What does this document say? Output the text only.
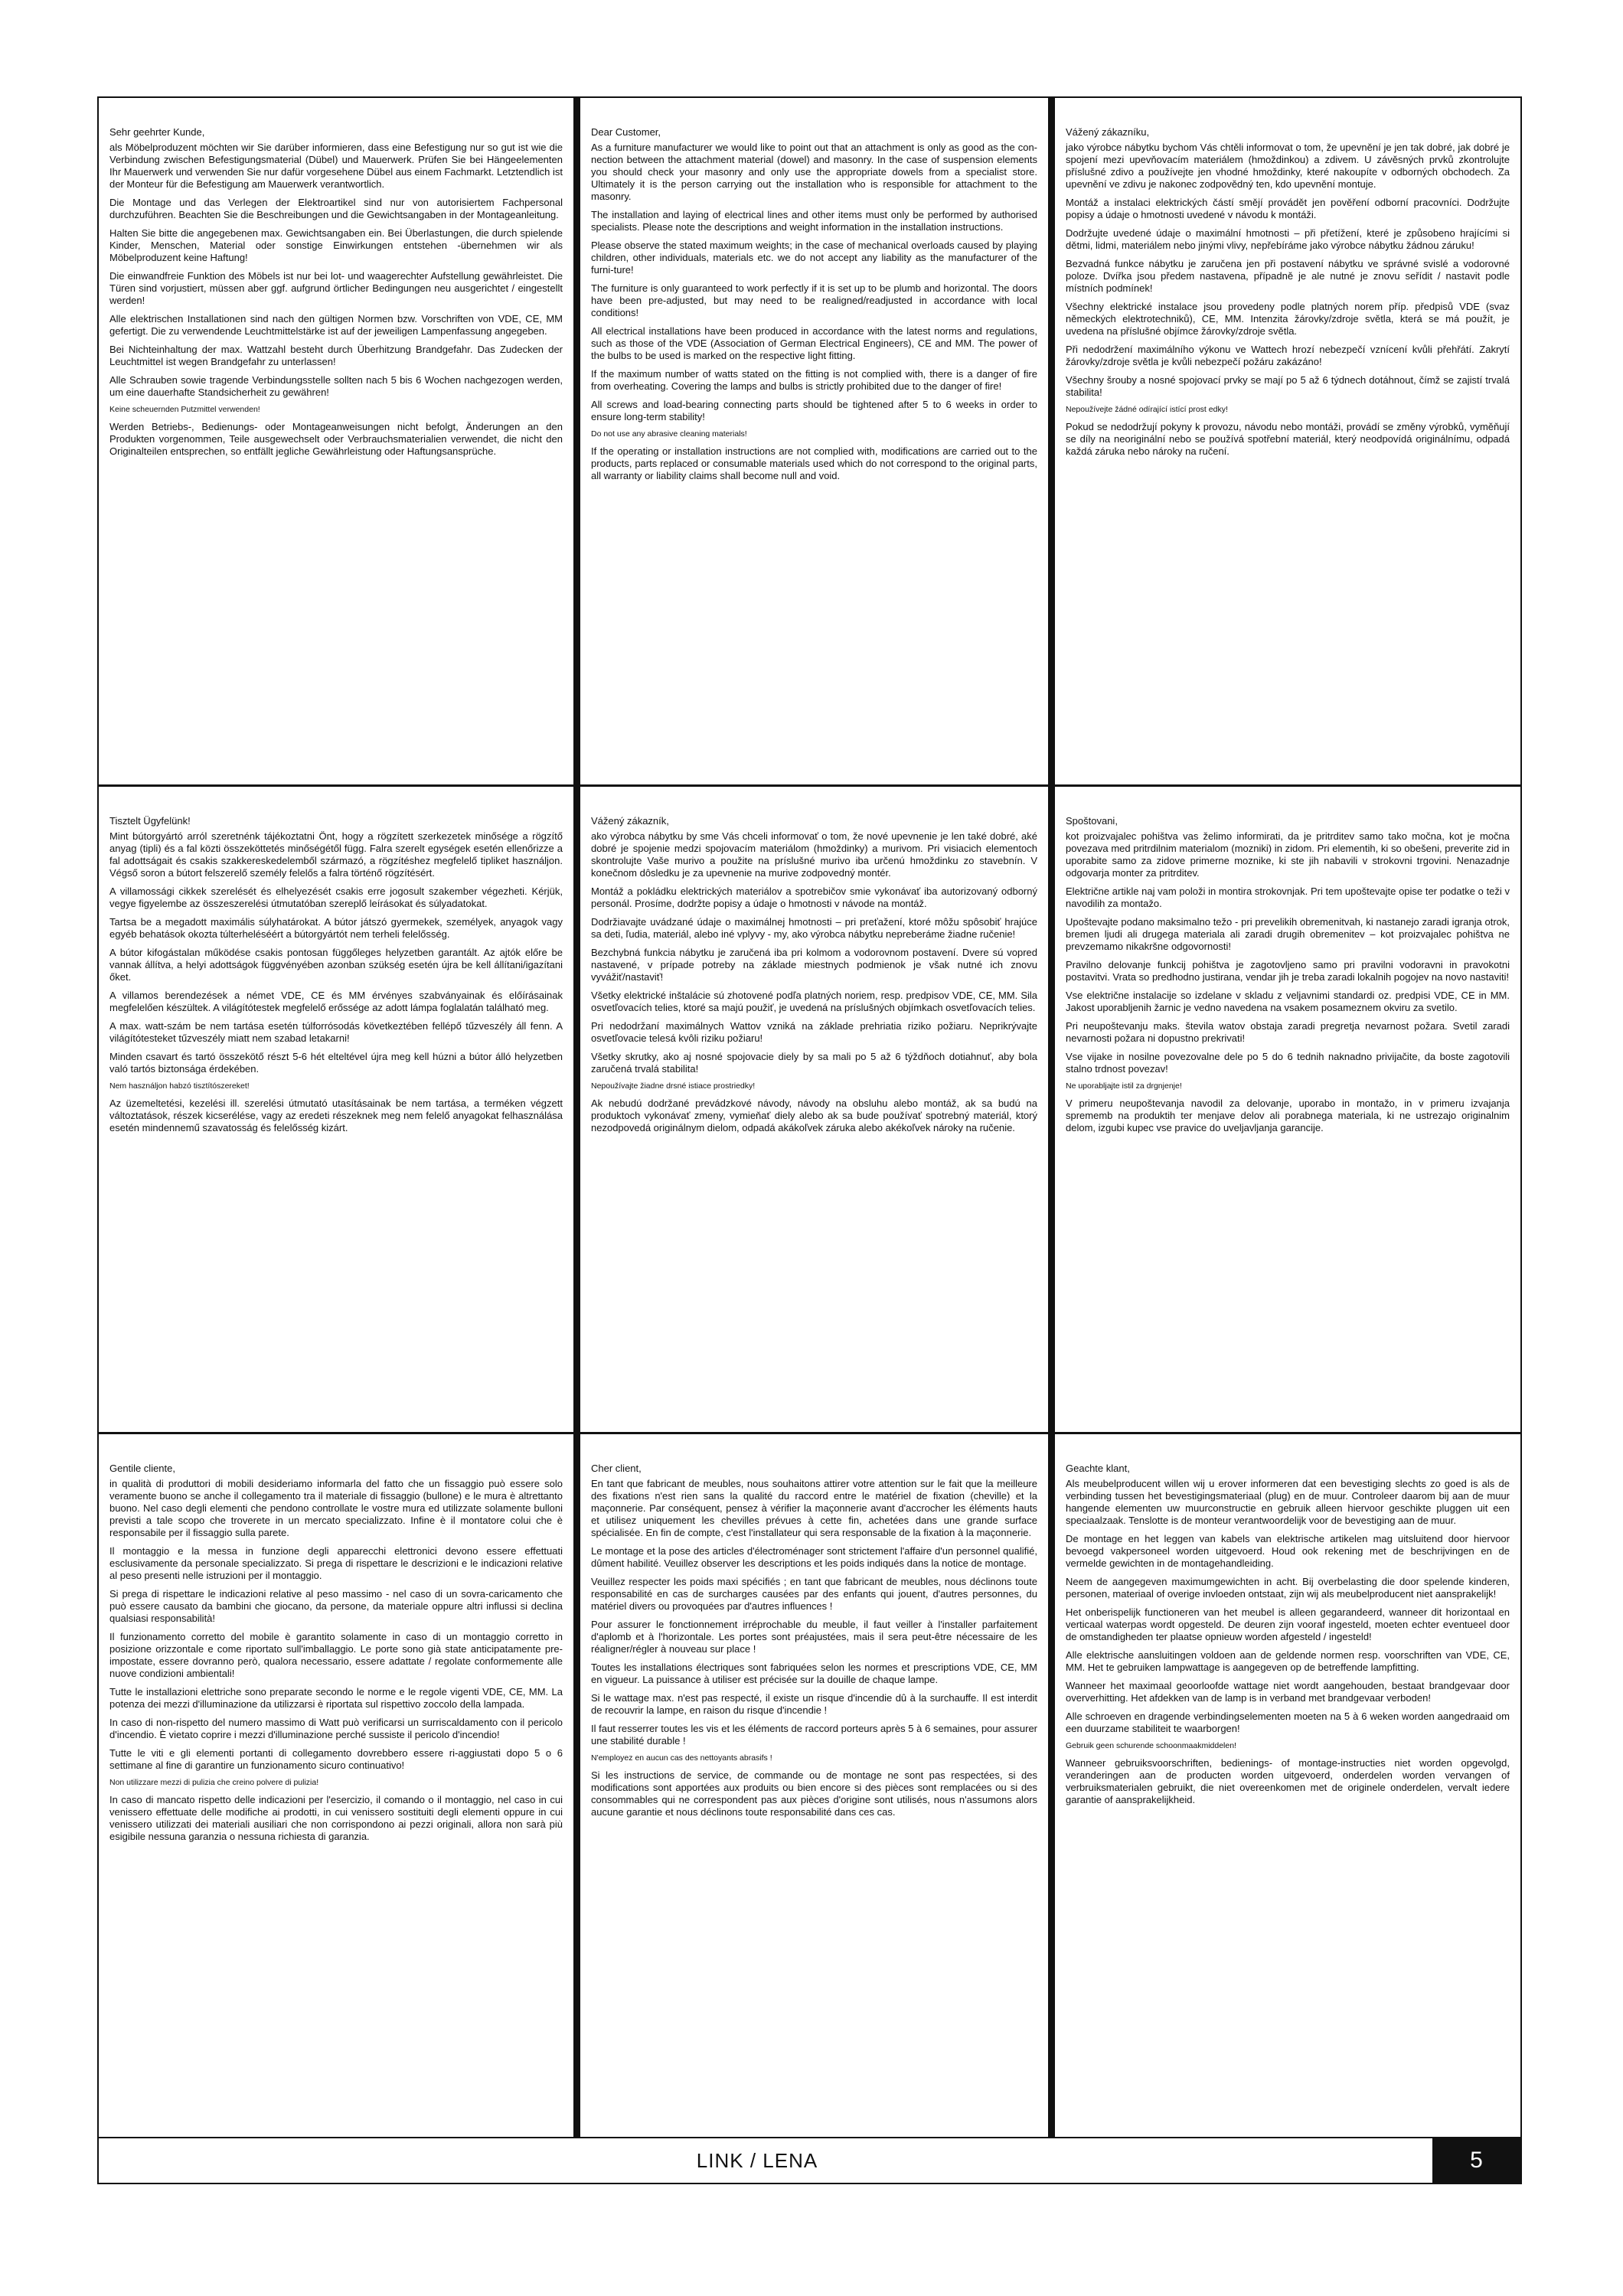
Sehr geehrter Kunde,

als Möbelproduzent möchten wir Sie darüber informieren, dass eine Befestigung nur so gut ist wie die Verbindung zwischen Befestigungsmaterial (Dübel) und Mauerwerk. Prüfen Sie bei Hängeelementen Ihr Mauerwerk und verwenden Sie nur dafür vorgesehene Dübel aus einem Fachmarkt. Letztendlich ist der Monteur für die Befestigung am Mauerwerk verantwortlich.

Die Montage und das Verlegen der Elektroartikel sind nur von autorisiertem Fachpersonal durchzuführen. Beachten Sie die Beschreibungen und die Gewichtsangaben in der Montageanleitung.

Halten Sie bitte die angegebenen max. Gewichtsangaben ein. Bei Überlastungen, die durch spielende Kinder, Menschen, Material oder sonstige Einwirkungen entstehen -übernehmen wir als Möbelproduzent keine Haftung!

Die einwandfreie Funktion des Möbels ist nur bei lot- und waagerechter Aufstellung gewährleistet. Die Türen sind vorjustiert, müssen aber ggf. aufgrund örtlicher Bedingungen neu ausgerichtet / eingestellt werden!

Alle elektrischen Installationen sind nach den gültigen Normen bzw. Vorschriften von VDE, CE, MM gefertigt. Die zu verwendende Leuchtmittelstärke ist auf der jeweiligen Lampenfassung angegeben.

Bei Nichteinhaltung der max. Wattzahl besteht durch Überhitzung Brandgefahr. Das Zudecken der Leuchtmittel ist wegen Brandgefahr zu unterlassen!

Alle Schrauben sowie tragende Verbindungsstelle sollten nach 5 bis 6 Wochen nachgezogen werden, um eine dauerhafte Standsicherheit zu gewähren!

Keine scheuernden Putzmittel verwenden!

Werden Betriebs-, Bedienungs- oder Montageanweisungen nicht befolgt, Änderungen an den Produkten vorgenommen, Teile ausgewechselt oder Verbrauchsmaterialien verwendet, die nicht den Originalteilen entsprechen, so entfällt jegliche Gewährleistung oder Haftungsansprüche.

Dear Customer,

As a furniture manufacturer we would like to point out that an attachment is only as good as the con-nection between the attachment material (dowel) and masonry. In the case of suspension elements you should check your masonry and only use the appropriate dowels from a specialist store. Ultimately it is the person carrying out the installation who is responsible for attachment to the masonry.

The installation and laying of electrical lines and other items must only be performed by authorised specialists. Please note the descriptions and weight information in the installation instructions.

Please observe the stated maximum weights; in the case of mechanical overloads caused by playing children, other individuals, materials etc. we do not accept any liability as the manufacturer of the furni-ture!

The furniture is only guaranteed to work perfectly if it is set up to be plumb and horizontal. The doors have been pre-adjusted, but may need to be realigned/readjusted in accordance with local conditions!

All electrical installations have been produced in accordance with the latest norms and regulations, such as those of the VDE (Association of German Electrical Engineers), CE and MM. The power of the bulbs to be used is marked on the respective light fitting.

If the maximum number of watts stated on the fitting is not complied with, there is a danger of fire from overheating. Covering the lamps and bulbs is strictly prohibited due to the danger of fire!

All screws and load-bearing connecting parts should be tightened after 5 to 6 weeks in order to ensure long-term stability!

Do not use any abrasive cleaning materials!

If the operating or installation instructions are not complied with, modifications are carried out to the products, parts replaced or consumable materials used which do not correspond to the original parts, all warranty or liability claims shall become null and void.

Vážený zákazníku,

jako výrobce nábytku bychom Vás chtěli informovat o tom, že upevnění je jen tak dobré, jak dobré je spojení mezi upevňovacím materiálem (hmoždinkou) a zdivem. U závěsných prvků zkontrolujte příslušné zdivo a používejte jen vhodné hmoždinky, které nakoupíte v odborných obchodech. Za upevnění ve zdivu je nakonec zodpovědný ten, kdo upevnění montuje.

Montáž a instalaci elektrických částí smějí provádět jen pověření odborní pracovníci. Dodržujte popisy a údaje o hmotnosti uvedené v návodu k montáži.

Dodržujte uvedené údaje o maximální hmotnosti – při přetížení, které je způsobeno hrajícími si dětmi, lidmi, materiálem nebo jinými vlivy, nepřebíráme jako výrobce nábytku žádnou záruku!

Bezvadná funkce nábytku je zaručena jen při postavení nábytku ve správné svislé a vodorovné poloze. Dvířka jsou předem nastavena, případně je ale nutné je znovu seřídit / nastavit podle místních podmínek!

Všechny elektrické instalace jsou provedeny podle platných norem příp. předpisů VDE (svaz německých elektrotechniků), CE, MM. Intenzita žárovky/zdroje světla, která se má použít, je uvedena na příslušné objímce žárovky/zdroje světla.

Při nedodržení maximálního výkonu ve Wattech hrozí nebezpečí vznícení kvůli přehřátí. Zakrytí žárovky/zdroje světla je kvůli nebezpečí požáru zakázáno!

Všechny šrouby a nosné spojovací prvky se mají po 5 až 6 týdnech dotáhnout, čímž se zajistí trvalá stabilita!

Nepoužívejte žádné odírající istící prost edky!

Pokud se nedodržují pokyny k provozu, návodu nebo montáži, provádí se změny výrobků, vyměňují se díly na neoriginální nebo se používá spotřební materiál, který neodpovídá originálnímu, odpadá každá záruka nebo nároky na ručení.

Tisztelt Ügyfelünk!

Mint bútorgyártó arról szeretnénk tájékoztatni Önt, hogy a rögzített szerkezetek minősége a rögzítő anyag (tipli) és a fal közti összeköttetés minőségétől függ. Falra szerelt egységek esetén ellenőrizze a fal adottságait és csakis szakkereskedelemből származó, a rögzítéshez megfelelő tipliket használjon. Végső soron a bútort felszerelő személy felelős a falra történő rögzítésért.

A villamossági cikkek szerelését és elhelyezését csakis erre jogosult szakember végezheti. Kérjük, vegye figyelembe az összeszerelési útmutatóban szereplő leírásokat és súlyadatokat.

Tartsa be a megadott maximális súlyhatárokat. A bútor játszó gyermekek, személyek, anyagok vagy egyéb behatások okozta túlterheléséért a bútorgyártót nem terheli felelősség.

A bútor kifogástalan működése csakis pontosan függőleges helyzetben garantált. Az ajtók előre be vannak állítva, a helyi adottságok függvényében azonban szükség esetén újra be kell állítani/igazítani őket.

A villamos berendezések a német VDE, CE és MM érvényes szabványainak és előírásainak megfelelően készültek. A világítótestek megfelelő erőssége az adott lámpa foglalatán található meg.

A max. watt-szám be nem tartása esetén túlforrósodás következtében fellépő tűzveszély áll fenn. A világítótesteket tűzveszély miatt nem szabad letakarni!

Minden csavart és tartó összekötő részt 5-6 hét elteltével újra meg kell húzni a bútor álló helyzetben való tartós biztonsága érdekében.

Nem használjon habzó tisztítószereket!

Az üzemeltetési, kezelési ill. szerelési útmutató utasításainak be nem tartása, a terméken végzett változtatások, részek kicserélése, vagy az eredeti részeknek meg nem felelő anyagokat felhasználása esetén mindennemű szavatosság és felelősség kizárt.

Vážený zákazník,

ako výrobca nábytku by sme Vás chceli informovať o tom, že nové upevnenie je len také dobré, aké dobré je spojenie medzi spojovacím materiálom (hmoždinky) a murivom. Pri visiacich elementoch skontrolujte Vaše murivo a použite na príslušné murivo iba určenú hmoždinku zo stavebnín. V konečnom dôsledku je za upevnenie na murive zodpovedný montér.

Montáž a pokládku elektrických materiálov a spotrebičov smie vykonávať iba autorizovaný odborný personál. Prosíme, dodržte popisy a údaje o hmotnosti v návode na montáž.

Dodržiavajte uvádzané údaje o maximálnej hmotnosti – pri preťažení, ktoré môžu spôsobiť hrajúce sa deti, ľudia, materiál, alebo iné vplyvy - my, ako výrobca nábytku nepreberáme žiadne ručenie!

Bezchybná funkcia nábytku je zaručená iba pri kolmom a vodorovnom postavení. Dvere sú vopred nastavené, v prípade potreby na základe miestnych podmienok je však nutné ich znovu vyvážiť/nastaviť!

Všetky elektrické inštalácie sú zhotovené podľa platných noriem, resp. predpisov VDE, CE, MM. Sila osvetľovacích telies, ktoré sa majú použiť, je uvedená na príslušných objímkach osvetľovacích telies.

Pri nedodržaní maximálnych Wattov vzniká na základe prehriatia riziko požiaru. Neprikrývajte osvetľovacie telesá kvôli riziku požiaru!

Všetky skrutky, ako aj nosné spojovacie diely by sa mali po 5 až 6 týždňoch dotiahnuť, aby bola zaručená trvalá stabilita!

Nepoužívajte žiadne drsné istiace prostriedky!

Ak nebudú dodržané prevádzkové návody, návody na obsluhu alebo montáž, ak sa budú na produktoch vykonávať zmeny, vymieňať diely alebo ak sa bude používať spotrebný materiál, ktorý nezodpovedá originálnym dielom, odpadá akákoľvek záruka alebo akékoľvek nároky na ručenie.

Spoštovani,

kot proizvajalec pohištva vas želimo informirati, da je pritrditev samo tako močna, kot je močna povezava med pritrdilnim materialom (mozniki) in zidom. Pri elementih, ki so obešeni, preverite zid in uporabite samo za zidove primerne moznike, ki ste jih nabavili v strokovni trgovini. Nenazadnje odgovarja monter za pritrditev.

Električne artikle naj vam položi in montira strokovnjak. Pri tem upoštevajte opise ter podatke o teži v navodilih za montažo.

Upoštevajte podano maksimalno težo - pri prevelikih obremenitvah, ki nastanejo zaradi igranja otrok, bremen ljudi ali drugega materiala ali zaradi drugih obremenitev – kot proizvajalec pohištva ne prevzemamo nikakršne odgovornosti!

Pravilno delovanje funkcij pohištva je zagotovljeno samo pri pravilni vodoravni in pravokotni postavitvi. Vrata so predhodno justirana, vendar jih je treba zaradi lokalnih pogojev na novo nastaviti!

Vse električne instalacije so izdelane v skladu z veljavnimi standardi oz. predpisi VDE, CE in MM. Jakost uporabljenih žarnic je vedno navedena na vsakem posameznem okviru za svetilo.

Pri neupoštevanju maks. števila watov obstaja zaradi pregretja nevarnost požara. Svetil zaradi nevarnosti požara ni dopustno prekrivati!

Vse vijake in nosilne povezovalne dele po 5 do 6 tednih naknadno privijačite, da boste zagotovili stalno trdnost povezav!

Ne uporabljajte istil za drgnjenje!

V primeru neupoštevanja navodil za delovanje, uporabo in montažo, in v primeru izvajanja sprememb na produktih ter menjave delov ali porabnega materiala, ki ne ustrezajo originalnim delom, izgubi kupec vse pravice do uveljavljanja garancije.

Gentile cliente,

in qualità di produttori di mobili desideriamo informarla del fatto che un fissaggio può essere solo veramente buono se anche il collegamento tra il materiale di fissaggio (bullone) e le mura è altrettanto buono. Nel caso degli elementi che pendono controllate le vostre mura ed utilizzate solamente bulloni previsti a tale scopo che troverete in un mercato specializzato. Infine è il montatore colui che è responsabile per il fissaggio sulla parete.

Il montaggio e la messa in funzione degli apparecchi elettronici devono essere effettuati esclusivamente da personale specializzato. Si prega di rispettare le descrizioni e le indicazioni relative al peso presenti nelle istruzioni per il montaggio.

Si prega di rispettare le indicazioni relative al peso massimo - nel caso di un sovra-caricamento che può essere causato da bambini che giocano, da persone, da materiale oppure altri influssi si declina qualsiasi responsabilità!

Il funzionamento corretto del mobile è garantito solamente in caso di un montaggio corretto in posizione orizzontale e come riportato sull'imballaggio. Le porte sono già state anticipatamente pre-impostate, essere dovranno però, qualora necessario, essere adattate / regolate conformemente alle nuove condizioni ambientali!

Tutte le installazioni elettriche sono preparate secondo le norme e le regole vigenti VDE, CE, MM. La potenza dei mezzi d'illuminazione da utilizzarsi è riportata sul rispettivo zoccolo della lampada.

In caso di non-rispetto del numero massimo di Watt può verificarsi un surriscaldamento con il pericolo d'incendio. È vietato coprire i mezzi d'illuminazione perché sussiste il pericolo d'incendio!

Tutte le viti e gli elementi portanti di collegamento dovrebbero essere ri-aggiustati dopo 5 o 6 settimane al fine di garantire un funzionamento sicuro continuativo!

Non utilizzare mezzi di pulizia che creino polvere di pulizia!

In caso di mancato rispetto delle indicazioni per l'esercizio, il comando o il montaggio, nel caso in cui venissero effettuate delle modifiche ai prodotti, in cui venissero sostituiti degli elementi oppure in cui venissero utilizzati dei materiali ausiliari che non corrispondono ai pezzi originali, allora non sarà più esigibile nessuna garanzia o nessuna richiesta di garanzia.

Cher client,

En tant que fabricant de meubles, nous souhaitons attirer votre attention sur le fait que la meilleure des fixations n'est rien sans la qualité du raccord entre le matériel de fixation (cheville) et la maçonnerie. Par conséquent, pensez à vérifier la maçonnerie avant d'accrocher les éléments hauts et utilisez uniquement les chevilles prévues à cette fin, achetées dans une grande surface spécialisée. En fin de compte, c'est l'installateur qui sera responsable de la fixation à la maçonnerie.

Le montage et la pose des articles d'électroménager sont strictement l'affaire d'un personnel qualifié, dûment habilité. Veuillez observer les descriptions et les poids indiqués dans la notice de montage.

Veuillez respecter les poids maxi spécifiés ; en tant que fabricant de meubles, nous déclinons toute responsabilité en cas de surcharges causées par des enfants qui jouent, d'autres personnes, du matériel divers ou provoquées par d'autres influences !

Pour assurer le fonctionnement irréprochable du meuble, il faut veiller à l'installer parfaitement d'aplomb et à l'horizontale. Les portes sont préajustées, mais il sera peut-être nécessaire de les réaligner/régler à nouveau sur place !

Toutes les installations électriques sont fabriquées selon les normes et prescriptions VDE, CE, MM en vigueur. La puissance à utiliser est précisée sur la douille de chaque lampe.

Si le wattage max. n'est pas respecté, il existe un risque d'incendie dû à la surchauffe. Il est interdit de recouvrir la lampe, en raison du risque d'incendie !

Il faut resserrer toutes les vis et les éléments de raccord porteurs après 5 à 6 semaines, pour assurer une stabilité durable !

N'employez en aucun cas des nettoyants abrasifs !

Si les instructions de service, de commande ou de montage ne sont pas respectées, si des modifications sont apportées aux produits ou bien encore si des pièces sont remplacées ou si des consommables qui ne correspondent pas aux pièces d'origine sont utilisés, nous n'assumons alors aucune garantie et nous déclinons toute responsabilité dans ces cas.

Geachte klant,

Als meubelproducent willen wij u erover informeren dat een bevestiging slechts zo goed is als de verbinding tussen het bevestigingsmateriaal (plug) en de muur. Controleer daarom bij aan de muur hangende elementen uw muurconstructie en gebruik alleen hiervoor geschikte pluggen uit een speciaalzaak. Tenslotte is de monteur verantwoordelijk voor de bevestiging aan de muur.

De montage en het leggen van kabels van elektrische artikelen mag uitsluitend door hiervoor bevoegd vakpersoneel worden uitgevoerd. Houd ook rekening met de beschrijvingen en de vermelde gewichten in de montagehandleiding.

Neem de aangegeven maximumgewichten in acht. Bij overbelasting die door spelende kinderen, personen, materiaal of overige invloeden ontstaat, zijn wij als meubelproducent niet aansprakelijk!

Het onberispelijk functioneren van het meubel is alleen gegarandeerd, wanneer dit horizontaal en verticaal waterpas wordt opgesteld. De deuren zijn vooraf ingesteld, moeten echter eventueel door de omstandigheden ter plaatse opnieuw worden afgesteld / ingesteld!

Alle elektrische aansluitingen voldoen aan de geldende normen resp. voorschriften van VDE, CE, MM. Het te gebruiken lampwattage is aangegeven op de betreffende lampfitting.

Wanneer het maximaal geoorloofde wattage niet wordt aangehouden, bestaat brandgevaar door oververhitting. Het afdekken van de lamp is in verband met brandgevaar verboden!

Alle schroeven en dragende verbindingselementen moeten na 5 à 6 weken worden aangedraaid om een duurzame stabiliteit te waarborgen!

Gebruik geen schurende schoonmaakmiddelen!

Wanneer gebruiksvoorschriften, bedienings- of montage-instructies niet worden opgevolgd, veranderingen aan de producten worden uitgevoerd, onderdelen worden vervangen of verbruiksmaterialen gebruikt, die niet overeenkomen met de originele onderdelen, vervalt iedere garantie of aansprakelijkheid.

LINK / LENA	5
